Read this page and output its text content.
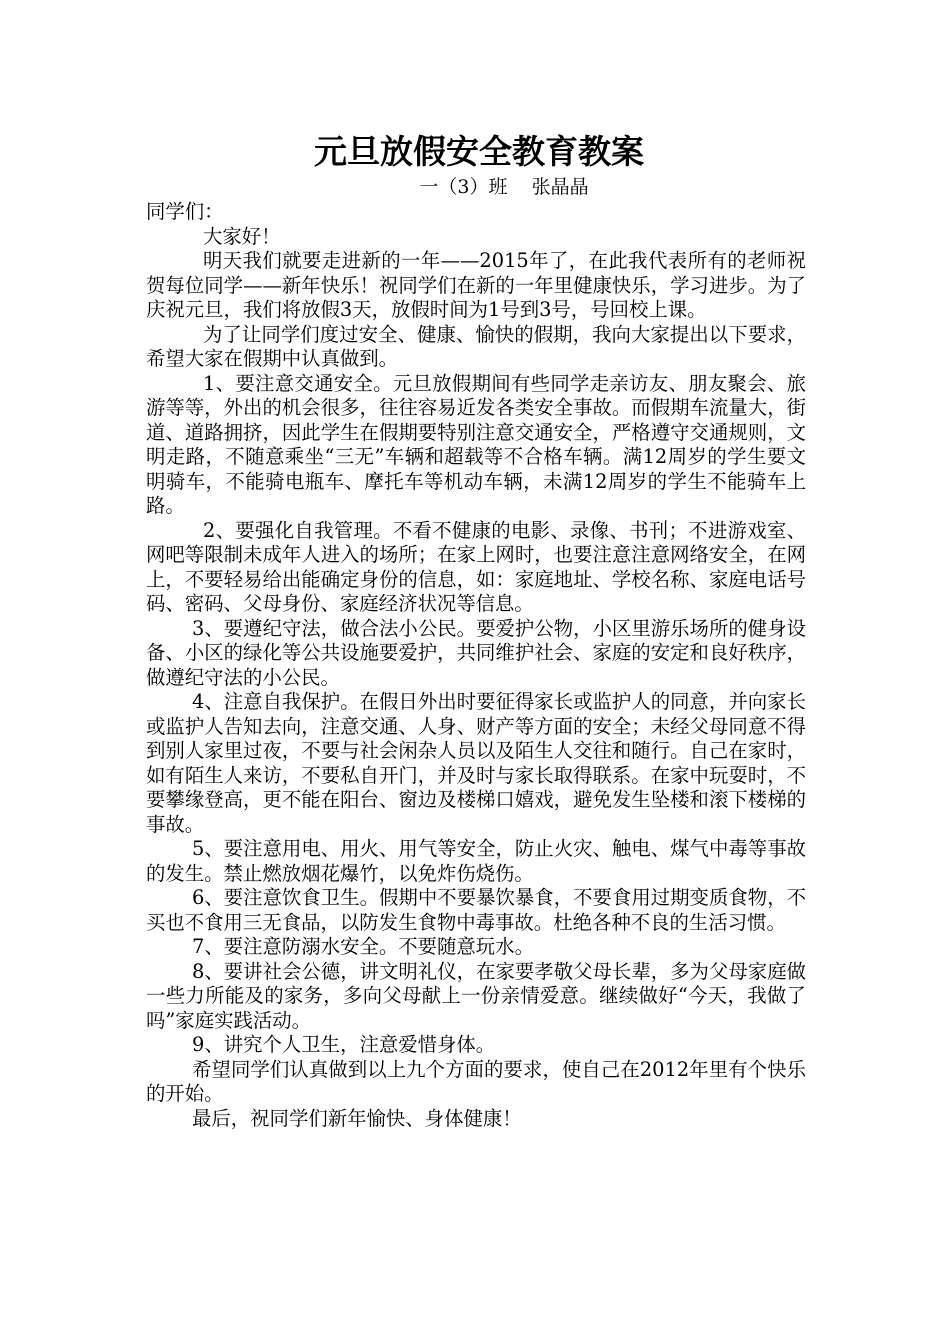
元旦放假安全教育教案
一（3）班    张晶晶

同学们：

大家好！

明天我们就要走进新的一年——2015年了，在此我代表所有的老师祝贺每位同学——新年快乐！祝同学们在新的一年里健康快乐，学习进步。为了庆祝元旦，我们将放假3天，放假时间为1号到3号，号回校上课。

为了让同学们度过安全、健康、愉快的假期，我向大家提出以下要求，希望大家在假期中认真做到。

1、要注意交通安全。元旦放假期间有些同学走亲访友、朋友聚会、旅游等等，外出的机会很多，往往容易近发各类安全事故。而假期车流量大，街道、道路拥挤，因此学生在假期要特别注意交通安全，严格遵守交通规则，文明走路，不随意乘坐“三无”车辆和超载等不合格车辆。满12周岁的学生要文明骑车，不能骑电瓶车、摩托车等机动车辆，未满12周岁的学生不能骑车上路。

2、要强化自我管理。不看不健康的电影、录像、书刊；不进游戏室、网吧等限制未成年人进入的场所；在家上网时，也要注意注意网络安全，在网上，不要轻易给出能确定身份的信息，如：家庭地址、学校名称、家庭电话号码、密码、父母身份、家庭经济状况等信息。

3、要遵纪守法，做合法小公民。要爱护公物，小区里游乐场所的健身设备、小区的绿化等公共设施要爱护，共同维护社会、家庭的安定和良好秩序，做遵纪守法的小公民。

4、注意自我保护。在假日外出时要征得家长或监护人的同意，并向家长或监护人告知去向，注意交通、人身、财产等方面的安全；未经父母同意不得到别人家里过夜，不要与社会闲杂人员以及陌生人交往和随行。自己在家时，如有陌生人来访，不要私自开门，并及时与家长取得联系。在家中玩耍时，不要攀缘登高，更不能在阳台、窗边及楼梯口嬉戏，避免发生坠楼和滚下楼梯的事故。

5、要注意用电、用火、用气等安全，防止火灾、触电、煤气中毒等事故的发生。禁止燃放烟花爆竹，以免炸伤烧伤。

6、要注意饮食卫生。假期中不要暴饮暴食，不要食用过期变质食物，不买也不食用三无食品，以防发生食物中毒事故。杜绝各种不良的生活习惯。

7、要注意防溺水安全。不要随意玩水。

8、要讲社会公德，讲文明礼仪，在家要孝敬父母长辈，多为父母家庭做一些力所能及的家务，多向父母献上一份亲情爱意。继续做好“今天，我做了吗”家庭实践活动。

9、讲究个人卫生，注意爱惜身体。

希望同学们认真做到以上九个方面的要求，使自己在2012年里有个快乐的开始。

最后，祝同学们新年愉快、身体健康！
